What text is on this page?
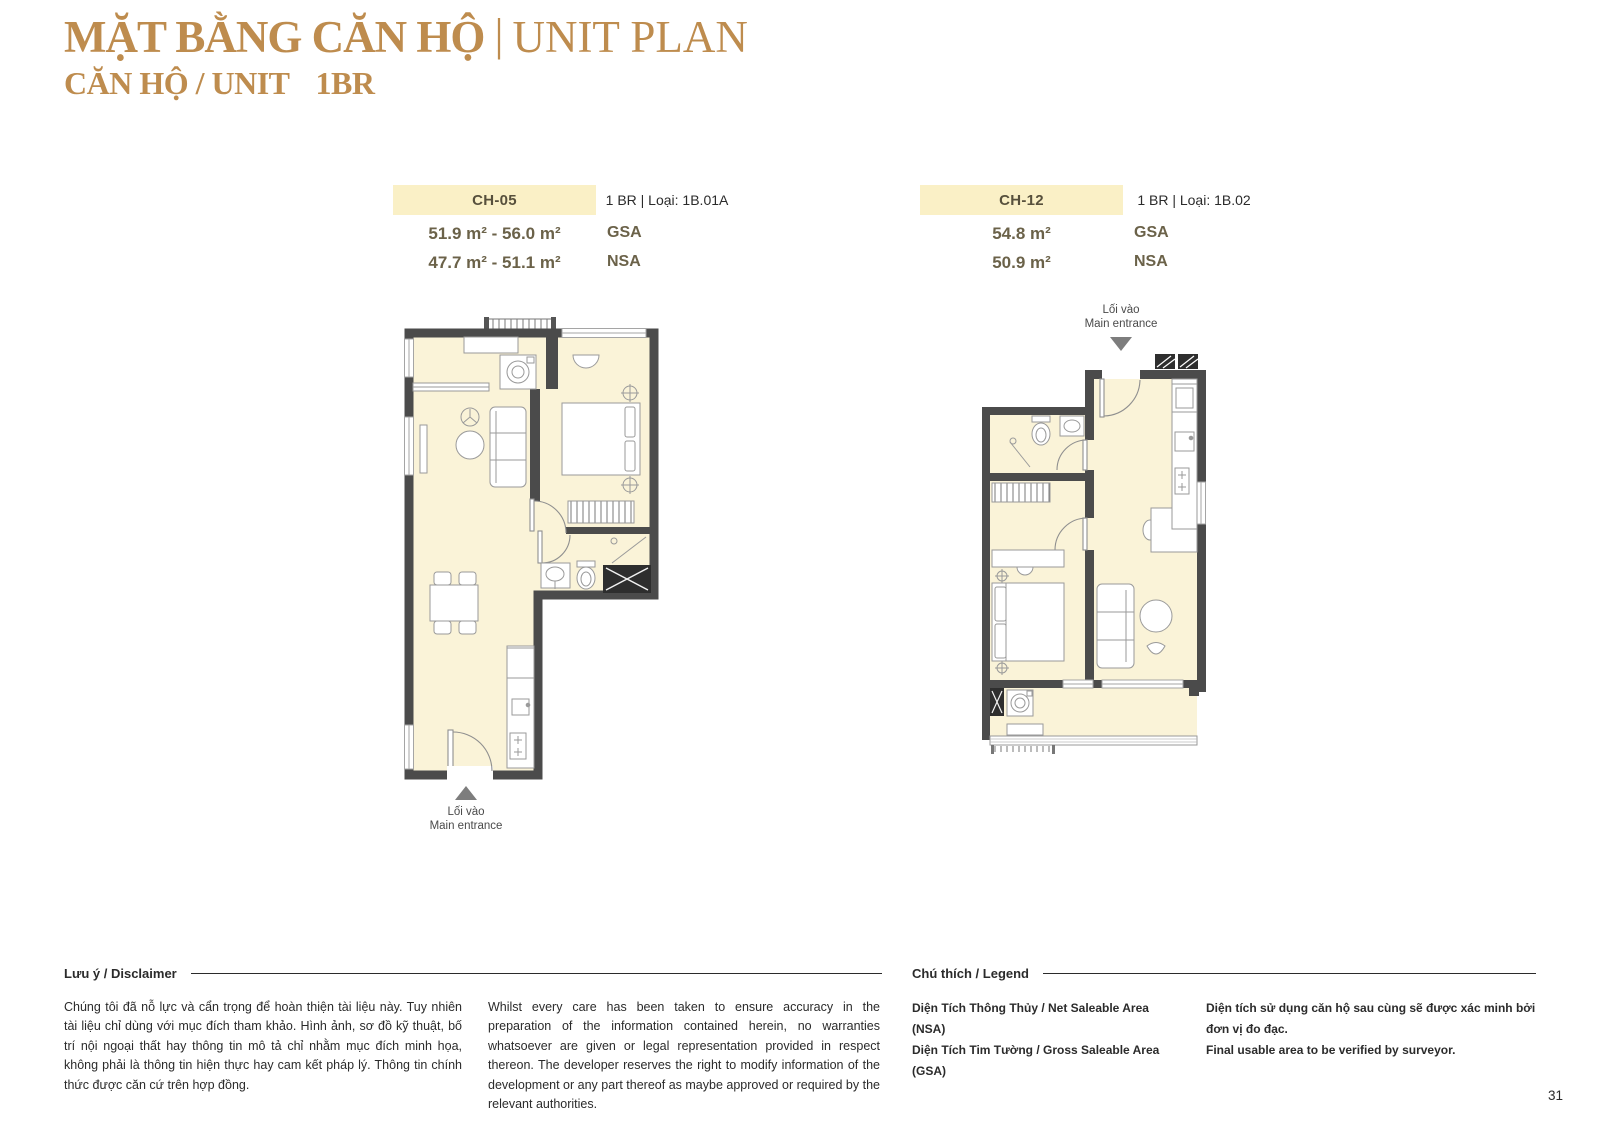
MẶT BẰNG CĂN HỘ | UNIT PLAN
CĂN HỘ / UNIT 1BR
CH-05	1 BR | Loại: 1B.01A
51.9 m² - 56.0 m²	GSA
47.7 m² - 51.1 m²	NSA
CH-12	1 BR | Loại: 1B.02
54.8 m²	GSA
50.9 m²	NSA
Lối vào
Main entrance
Lối vào
Main entrance
Lưu ý / Disclaimer
Chúng tôi đã nỗ lực và cẩn trọng để hoàn thiện tài liệu này. Tuy nhiên tài liệu chỉ dùng với mục đích tham khảo. Hình ảnh, sơ đồ kỹ thuật, bố trí nội ngoại thất hay thông tin mô tả chỉ nhằm mục đích minh họa, không phải là thông tin hiện thực hay cam kết pháp lý. Thông tin chính thức được căn cứ trên hợp đồng.
Whilst every care has been taken to ensure accuracy in the preparation of the information contained herein, no warranties whatsoever are given or legal representation provided in respect thereon. The developer reserves the right to modify information of the development or any part thereof as maybe approved or required by the relevant authorities.
Chú thích / Legend
Diện Tích Thông Thủy / Net Saleable Area (NSA)
Diện Tích Tim Tường / Gross Saleable Area (GSA)
Diện tích sử dụng căn hộ sau cùng sẽ được xác minh bởi đơn vị đo đạc.
Final usable area to be verified by surveyor.
31
